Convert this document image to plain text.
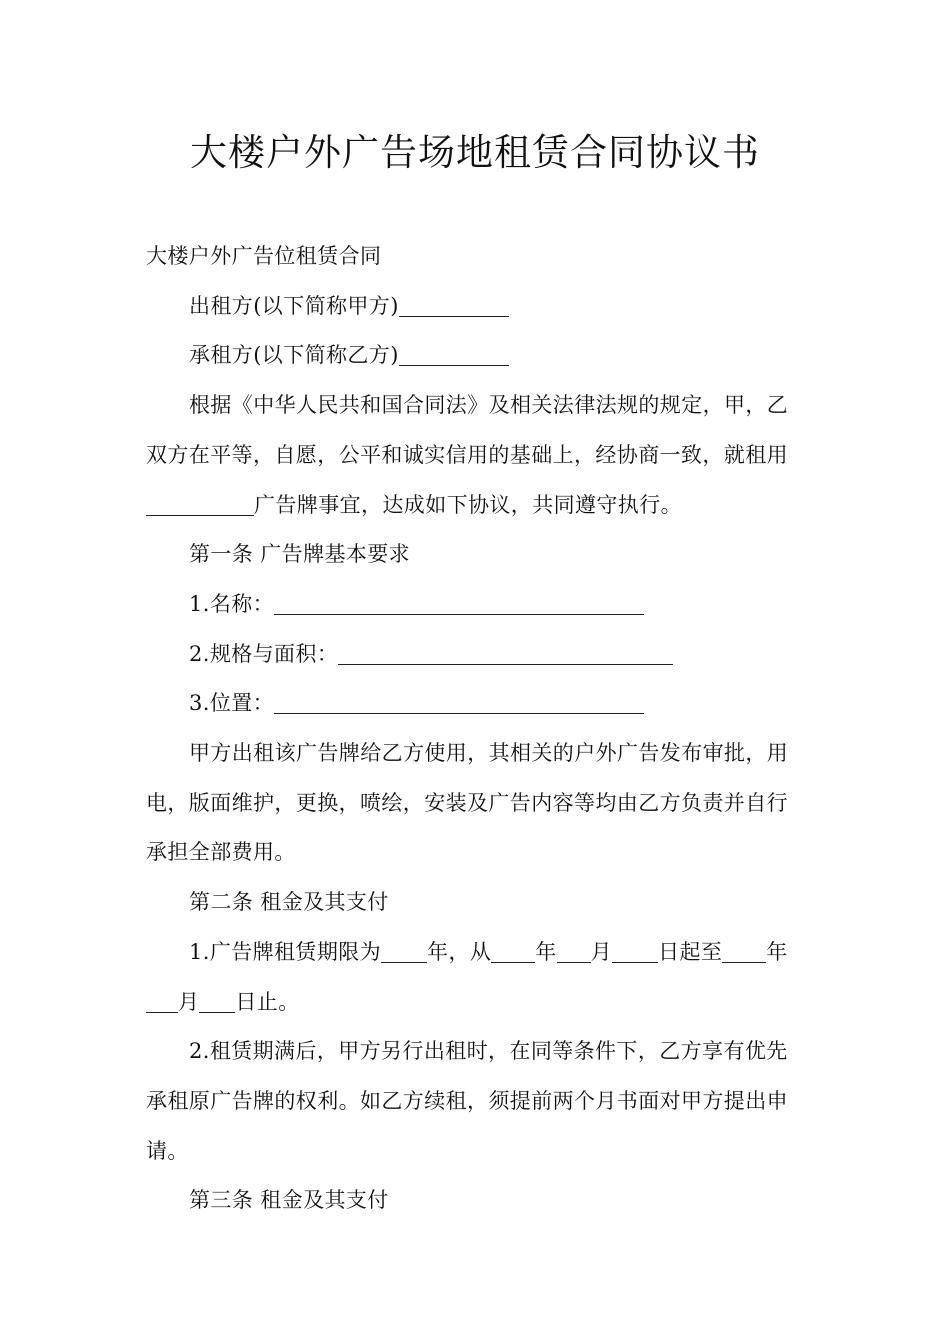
大楼户外广告场地租赁合同协议书

大楼户外广告位租赁合同

出租方(以下简称甲方)

承租方(以下简称乙方)

根据《中华人民共和国合同法》及相关法律法规的规定，甲，乙双方在平等，自愿，公平和诚实信用的基础上，经协商一致，就租用广告牌事宜，达成如下协议，共同遵守执行。

第一条 广告牌基本要求

1.名称：

2.规格与面积：

3.位置：

甲方出租该广告牌给乙方使用，其相关的户外广告发布审批，用电，版面维护，更换，喷绘，安装及广告内容等均由乙方负责并自行承担全部费用。

第二条 租金及其支付

1.广告牌租赁期限为 年，从 年 月 日起至 年月 日止。

2.租赁期满后，甲方另行出租时，在同等条件下，乙方享有优先承租原广告牌的权利。如乙方续租，须提前两个月书面对甲方提出申请。

第三条 租金及其支付
